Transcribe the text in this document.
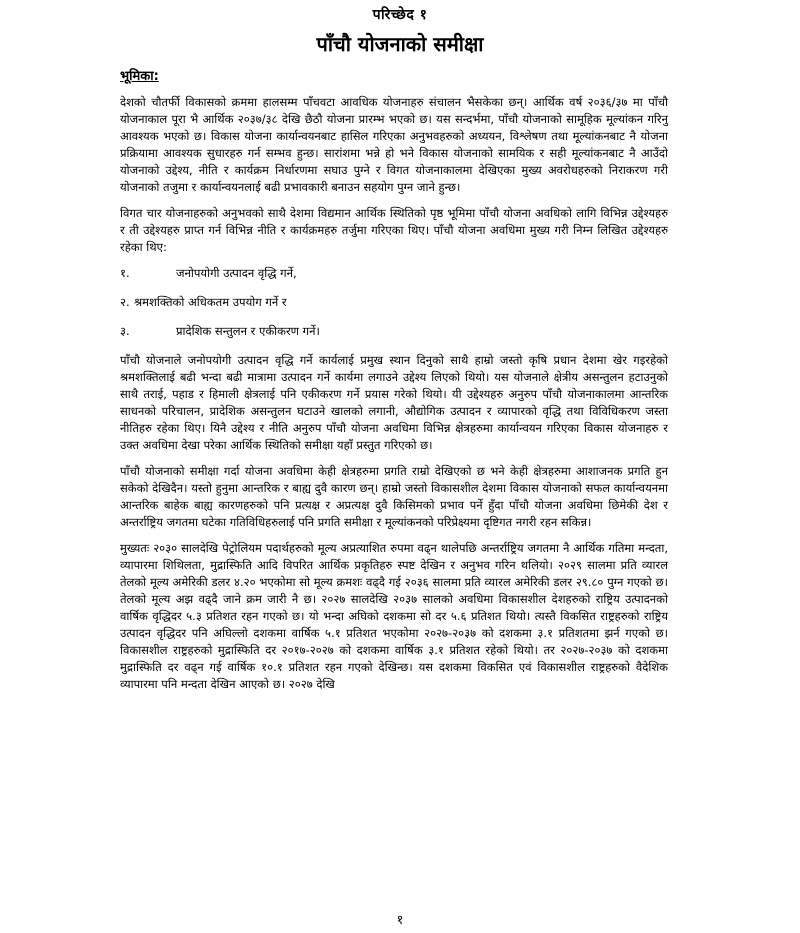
परिच्छेद १
पाँचौ योजनाको समीक्षा
भूमिका:

देशको चौतर्फी विकासको क्रममा हालसम्म पाँचवटा आवधिक योजनाहरु संचालन भैसकेका छन्। आर्थिक वर्ष २०३६/३७ मा पाँचौ योजनाकाल पूरा भै आर्थिक २०३७/३८ देखि छैठौ योजना प्रारम्भ भएको छ। यस सन्दर्भमा, पाँचौ योजनाको सामूहिक मूल्यांकन गरिनु आवश्यक भएको छ। विकास योजना कार्यान्वयनबाट हासिल गरिएका अनुभवहरुको अध्ययन, विश्लेषण तथा मूल्यांकनबाट नै योजना प्रक्रियामा आवश्यक सुधारहरु गर्न सम्भव हुन्छ। सारांशमा भन्ने हो भने विकास योजनाको सामयिक र सही मूल्यांकनबाट नै आउँदो योजनाको उद्देश्य, नीति र कार्यक्रम निर्धारणमा सघाउ पुग्ने र विगत योजनाकालमा देखिएका मुख्य अवरोधहरुको निराकरण गरी योजनाको तजुमा र कार्यान्वयनलाई बढी प्रभावकारी बनाउन सहयोग पुग्न जाने हुन्छ।

विगत चार योजनाहरुको अनुभवको साथै देशमा विद्यमान आर्थिक स्थितिको पृष्ठ भूमिमा पाँचौ योजना अवधिको लागि विभिन्न उद्देश्यहरु र ती उद्देश्यहरु प्राप्त गर्न विभिन्न नीति र कार्यक्रमहरु तर्जुमा गरिएका थिए। पाँचौ योजना अवधिमा मुख्य गरी निम्न लिखित उद्देश्यहरु रहेका थिए:

१.	जनोपयोगी उत्पादन वृद्धि गर्ने,
२. श्रमशक्तिको अधिकतम उपयोग गर्ने र
३.	प्रादेशिक सन्तुलन र एकीकरण गर्ने।

पाँचौ योजनाले जनोपयोगी उत्पादन वृद्धि गर्ने कार्यलाई प्रमुख स्थान दिनुको साथै हाम्रो जस्तो कृषि प्रधान देशमा खेर गइरहेको श्रमशक्तिलाई बढी भन्दा बढी मात्रामा उत्पादन गर्ने कार्यमा लगाउने उद्देश्य लिएको थियो। यस योजनाले क्षेत्रीय असन्तुलन हटाउनुको साथै तराई, पहाड र हिमाली क्षेत्रलाई पनि एकीकरण गर्ने प्रयास गरेको थियो। यी उद्देश्यहरु अनुरुप पाँचौ योजनाकालमा आन्तरिक साधनको परिचालन, प्रादेशिक असन्तुलन घटाउने खालको लगानी, औद्योगिक उत्पादन र व्यापारको वृद्धि तथा विविधिकरण जस्ता नीतिहरु रहेका थिए। यिनै उद्देश्य र नीति अनुरुप पाँचौ योजना अवधिमा विभिन्न क्षेत्रहरुमा कार्यान्वयन गरिएका विकास योजनाहरु र उक्त अवधिमा देखा परेका आर्थिक स्थितिको समीक्षा यहाँ प्रस्तुत गरिएको छ।

पाँचौ योजनाको समीक्षा गर्दा योजना अवधिमा केही क्षेत्रहरुमा प्रगति राम्रो देखिएको छ भने केही क्षेत्रहरुमा आशाजनक प्रगति हुन सकेको देखिदैन। यस्तो हुनुमा आन्तरिक र बाह्य दुवै कारण छन्। हाम्रो जस्तो विकासशील देशमा विकास योजनाको सफल कार्यान्वयनमा आन्तरिक बाहेक बाह्य कारणहरुको पनि प्रत्यक्ष र अप्रत्यक्ष दुवै किसिमको प्रभाव पर्ने हुँदा पाँचौ योजना अवधिमा छिमेकी देश र अन्तर्राष्ट्रिय जगतमा घटेका गतिविधिहरुलाई पनि प्रगति समीक्षा र मूल्यांकनको परिप्रेक्ष्यमा दृष्टिगत नगरी रहन सकिन्न।

मुख्यतः २०३० सालदेखि पेट्रोलियम पदार्थहरुको मूल्य अप्रत्याशित रुपमा वढ्न थालेपछि अन्तर्राष्ट्रिय जगतमा नै आर्थिक गतिमा मन्दता, व्यापारमा शिथिलता, मुद्रास्फिति आदि विपरित आर्थिक प्रकृतिहरु स्पष्ट देखिन र अनुभव गरिन थलियो। २०२९ सालमा प्रति व्यारल तेलको मूल्य अमेरिकी डलर ४.२० भएकोमा सो मूल्य क्रमशः वढ्दै गई २०३६ सालमा प्रति व्यारल अमेरिकी डलर २९.८० पुग्न गएको छ। तेलको मूल्य अझ वढ्दै जाने क्रम जारी नै छ। २०२७ सालदेखि २०३७ सालको अवधिमा विकासशील देशहरुको राष्ट्रिय उत्पादनको वार्षिक वृद्धिदर ५.३ प्रतिशत रहन गएको छ। यो भन्दा अघिको दशकमा सो दर ५.६ प्रतिशत थियो। त्यस्तै विकसित राष्ट्रहरुको राष्ट्रिय उत्पादन वृद्धिदर पनि अघिल्लो दशकमा वार्षिक ५.१ प्रतिशत भएकोमा २०२७-२०३७ को दशकमा ३.१ प्रतिशतमा झर्न गएको छ। विकासशील राष्ट्रहरुको मुद्रास्फिति दर २०१७-२०२७ को दशकमा वार्षिक ३.१ प्रतिशत रहेको थियो। तर २०२७-२०३७ को दशकमा मुद्रास्फिति दर वढ्न गई वार्षिक १०.१ प्रतिशत रहन गएको देखिन्छ। यस दशकमा विकसित एवं विकासशील राष्ट्रहरुको वैदेशिक व्यापारमा पनि मन्दता देखिन आएको छ। २०२७ देखि

१
